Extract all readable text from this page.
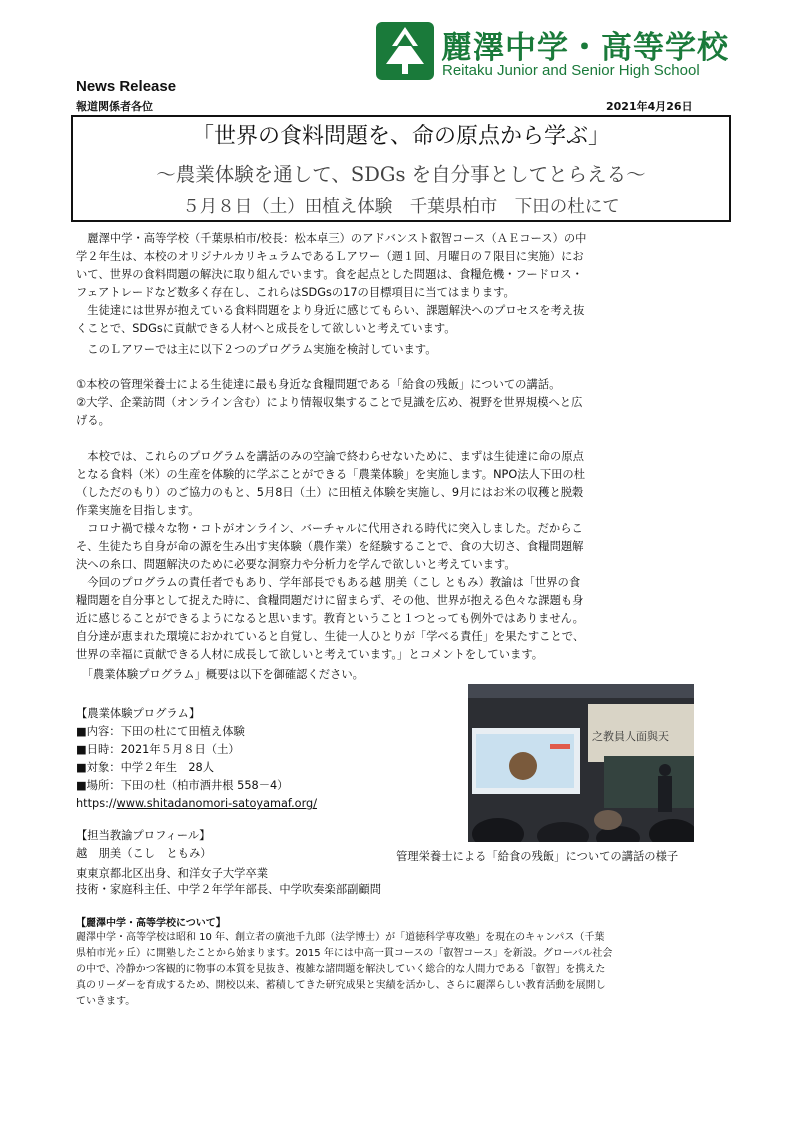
麗澤中学・高等学校
Reitaku Junior and Senior High School
News Release
報道関係者各位	2021年4月26日
「世界の食料問題を、命の原点から学ぶ」
〜農業体験を通して、SDGs を自分事としてとらえる〜
５月８日（土）田植え体験　千葉県柏市　下田の杜にて
　麗澤中学・高等学校（千葉県柏市/校長：松本卓三）のアドバンスト叡智コース（ＡＥコース）の中
学２年生は、本校のオリジナルカリキュラムであるＬアワー（週１回、月曜日の７限目に実施）にお
いて、世界の食料問題の解決に取り組んでいます。食を起点とした問題は、食糧危機・フードロス・
フェアトレードなど数多く存在し、これらはSDGsの17の目標項目に当てはまります。
　生徒達には世界が抱えている食料問題をより身近に感じてもらい、課題解決へのプロセスを考え抜
くことで、SDGsに貢献できる人材へと成長をして欲しいと考えています。
　このＬアワーでは主に以下２つのプログラム実施を検討しています。
①本校の管理栄養士による生徒達に最も身近な食糧問題である「給食の残飯」についての講話。
②大学、企業訪問（オンライン含む）により情報収集することで見識を広め、視野を世界規模へと広
げる。
　本校では、これらのプログラムを講話のみの空論で終わらせないために、まずは生徒達に命の原点
となる食料（米）の生産を体験的に学ぶことができる「農業体験」を実施します。NPO法人下田の杜
（しただのもり）のご協力のもと、5月8日（土）に田植え体験を実施し、9月にはお米の収穫と脱穀
作業実施を目指します。
　コロナ禍で様々な物・コトがオンライン、バーチャルに代用される時代に突入しました。だからこ
そ、生徒たち自身が命の源を生み出す実体験（農作業）を経験することで、食の大切さ、食糧問題解
決への糸口、問題解決のために必要な洞察力や分析力を学んで欲しいと考えています。
　今回のプログラムの責任者でもあり、学年部長でもある越 朋美（こし ともみ）教諭は「世界の食
糧問題を自分事として捉えた時に、食糧問題だけに留まらず、その他、世界が抱える色々な課題も身
近に感じることができるようになると思います。教育ということ１つとっても例外ではありません。
自分達が恵まれた環境におかれていると自覚し、生徒一人ひとりが「学べる責任」を果たすことで、
世界の幸福に貢献できる人材に成長して欲しいと考えています。」とコメントをしています。
　「農業体験プログラム」概要は以下を御確認ください。
【農業体験プログラム】
■内容：下田の杜にて田植え体験
■日時：2021年５月８日（土）
■対象：中学２年生　28人
■場所：下田の杜（柏市酒井根 558－4）
https://www.shitadanomori-satoyamaf.org/
【担当教諭プロフィール】
越　朋美（こし　ともみ）
東東京都北区出身、和洋女子大学卒業
技術・家庭科主任、中学２年学年部長、中学吹奏楽部副顧問
之教員人面與天
管理栄養士による「給食の残飯」についての講話の様子
【麗澤中学・高等学校について】
麗澤中学・高等学校は昭和 10 年、創立者の廣池千九郎（法学博士）が「道徳科学専攻塾」を現在のキャンパス（千葉
県柏市光ヶ丘）に開塾したことから始まります。2015 年には中高一貫コースの「叡智コース」を新設。グローバル社会
の中で、冷静かつ客観的に物事の本質を見抜き、複雑な諸問題を解決していく総合的な人間力である「叡智」を携えた
真のリーダーを育成するため、開校以来、蓄積してきた研究成果と実績を活かし、さらに麗澤らしい教育活動を展開し
ていきます。
